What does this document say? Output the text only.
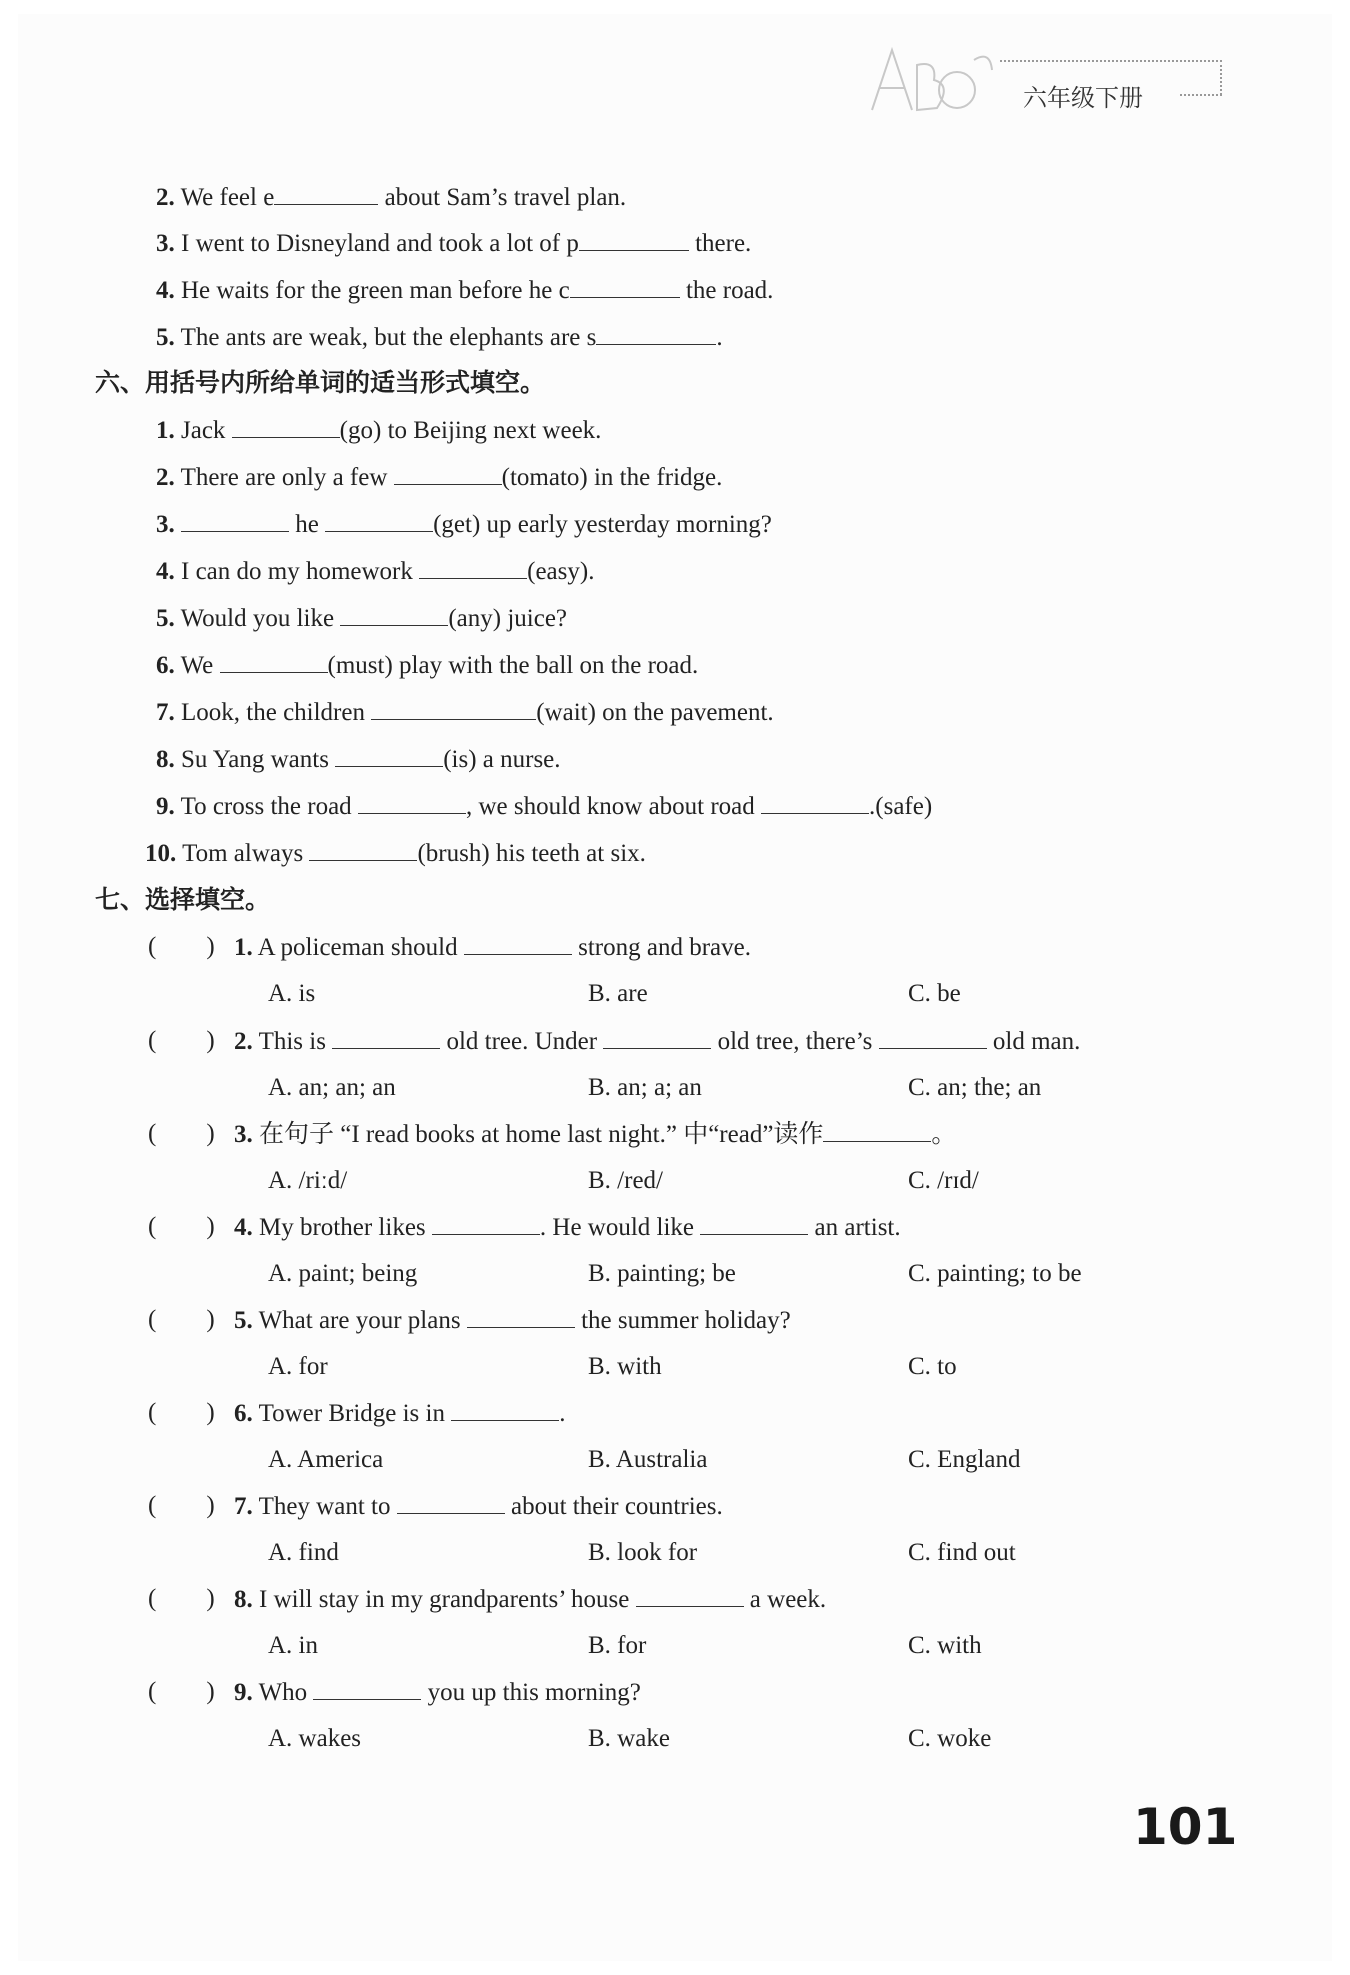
六年级下册
2. We feel e	about Sam’s travel plan.
3. I went to Disneyland and took a lot of p	there.
4. He waits for the green man before he c	the road.
5. The ants are weak, but the elephants are s	.
六、用括号内所给单词的适当形式填空。
1. Jack	(go) to Beijing next week.
2. There are only a few	(tomato) in the fridge.
3.	he	(get) up early yesterday morning?
4. I can do my homework	(easy).
5. Would you like	(any) juice?
6. We	(must) play with the ball on the road.
7. Look, the children	(wait) on the pavement.
8. Su Yang wants	(is) a nurse.
9. To cross the road	, we should know about road	.(safe)
10. Tom always	(brush) his teeth at six.
七、选择填空。
(　　) 1. A policeman should	strong and brave.
A. is	B. are	C. be
(　　) 2. This is	old tree. Under	old tree, there’s	old man.
A. an; an; an	B. an; a; an	C. an; the; an
(　　) 3. 在句子 “I read books at home last night.” 中“read”读作	。
A. /riːd/	B. /red/	C. /rɪd/
(　　) 4. My brother likes	. He would like	an artist.
A. paint; being	B. painting; be	C. painting; to be
(　　) 5. What are your plans	the summer holiday?
A. for	B. with	C. to
(　　) 6. Tower Bridge is in	.
A. America	B. Australia	C. England
(　　) 7. They want to	about their countries.
A. find	B. look for	C. find out
(　　) 8. I will stay in my grandparents’ house	a week.
A. in	B. for	C. with
(　　) 9. Who	you up this morning?
A. wakes	B. wake	C. woke
101
